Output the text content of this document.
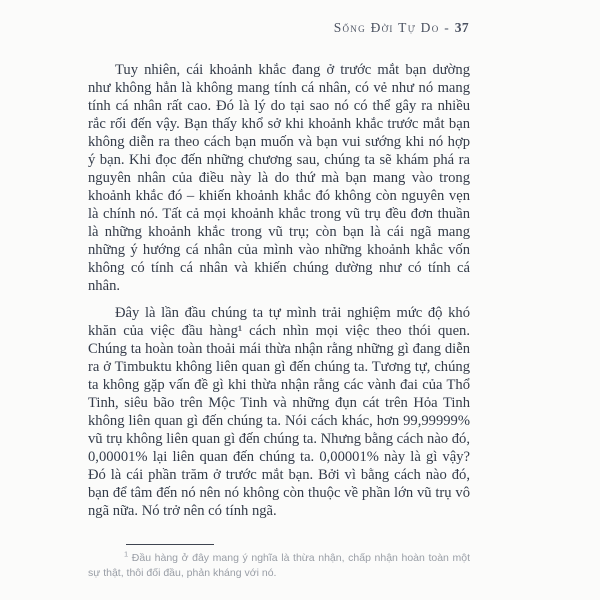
Sống Đời Tự Do - 37

Tuy nhiên, cái khoảnh khắc đang ở trước mắt bạn dường như không hẳn là không mang tính cá nhân, có vẻ như nó mang tính cá nhân rất cao. Đó là lý do tại sao nó có thể gây ra nhiều rắc rối đến vậy. Bạn thấy khổ sở khi khoảnh khắc trước mắt bạn không diễn ra theo cách bạn muốn và bạn vui sướng khi nó hợp ý bạn. Khi đọc đến những chương sau, chúng ta sẽ khám phá ra nguyên nhân của điều này là do thứ mà bạn mang vào trong khoảnh khắc đó – khiến khoảnh khắc đó không còn nguyên vẹn là chính nó. Tất cả mọi khoảnh khắc trong vũ trụ đều đơn thuần là những khoảnh khắc trong vũ trụ; còn bạn là cái ngã mang những ý hướng cá nhân của mình vào những khoảnh khắc vốn không có tính cá nhân và khiến chúng dường như có tính cá nhân.

Đây là lần đầu chúng ta tự mình trải nghiệm mức độ khó khăn của việc đầu hàng¹ cách nhìn mọi việc theo thói quen. Chúng ta hoàn toàn thoải mái thừa nhận rằng những gì đang diễn ra ở Timbuktu không liên quan gì đến chúng ta. Tương tự, chúng ta không gặp vấn đề gì khi thừa nhận rằng các vành đai của Thổ Tinh, siêu bão trên Mộc Tinh và những đụn cát trên Hỏa Tinh không liên quan gì đến chúng ta. Nói cách khác, hơn 99,99999% vũ trụ không liên quan gì đến chúng ta. Nhưng bằng cách nào đó, 0,00001% lại liên quan đến chúng ta. 0,00001% này là gì vậy? Đó là cái phần trăm ở trước mắt bạn. Bởi vì bằng cách nào đó, bạn để tâm đến nó nên nó không còn thuộc về phần lớn vũ trụ vô ngã nữa. Nó trở nên có tính ngã.

$^1$ Đầu hàng ở đây mang ý nghĩa là thừa nhận, chấp nhận hoàn toàn một sự thật, thôi đối đầu, phản kháng với nó.
